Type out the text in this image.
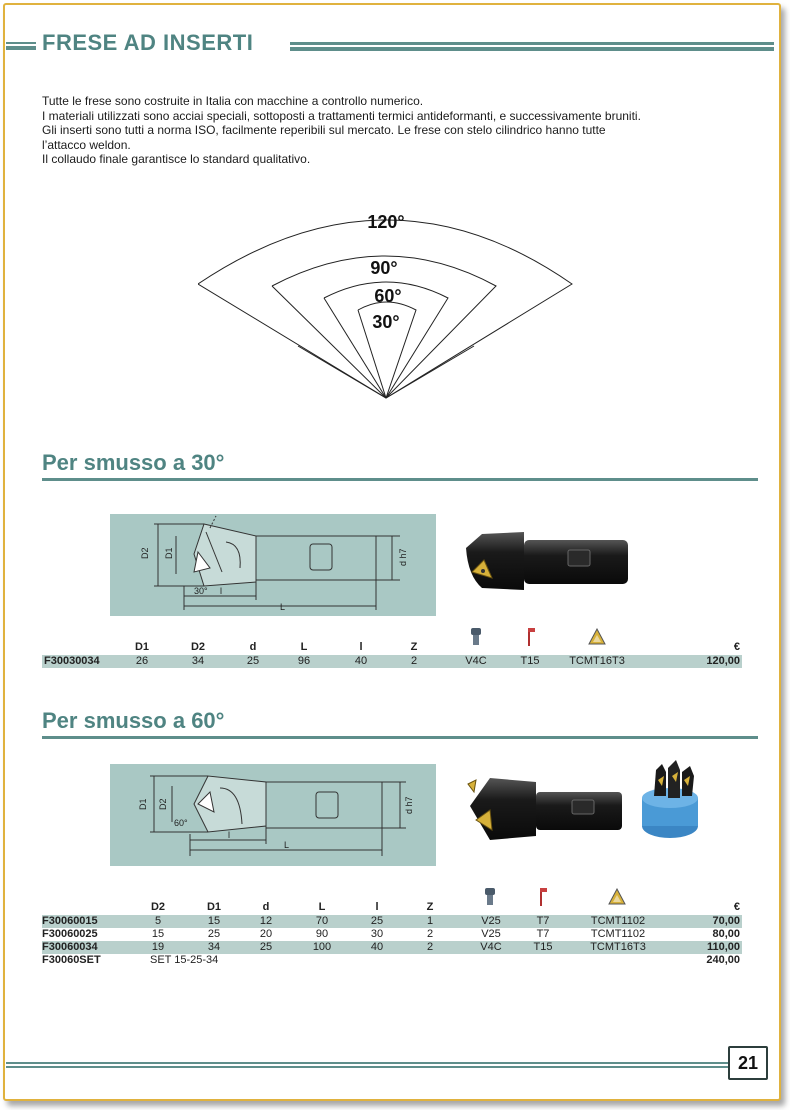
FRESE AD INSERTI
Tutte le frese sono costruite in Italia con macchine a controllo numerico.
I materiali utilizzati sono acciai speciali, sottoposti a trattamenti termici antideformanti, e successivamente bruniti.
Gli inserti sono tutti a norma ISO, facilmente reperibili sul mercato. Le frese con stelo cilindrico hanno tutte
l’attacco weldon.
Il collaudo finale garantisce lo standard qualitativo.
120°
90°
60°
30°
Per smusso a 30°
D2 D1	d h7
30° l
L
D1	D2	d	L	l	Z	€
F30030034	26	34	25	96	40	2	V4C	T15	TCMT16T3	120,00
Per smusso a 60°
D1 D2	d h7
60°
l
L
D2	D1	d	L	l	Z	€
F30060015	5	15	12	70	25	1	V25	T7	TCMT1102	70,00
F30060025	15	25	20	90	30	2	V25	T7	TCMT1102	80,00
F30060034	19	34	25	100	40	2	V4C	T15	TCMT16T3	110,00
F30060SET	SET 15-25-34	240,00
21
